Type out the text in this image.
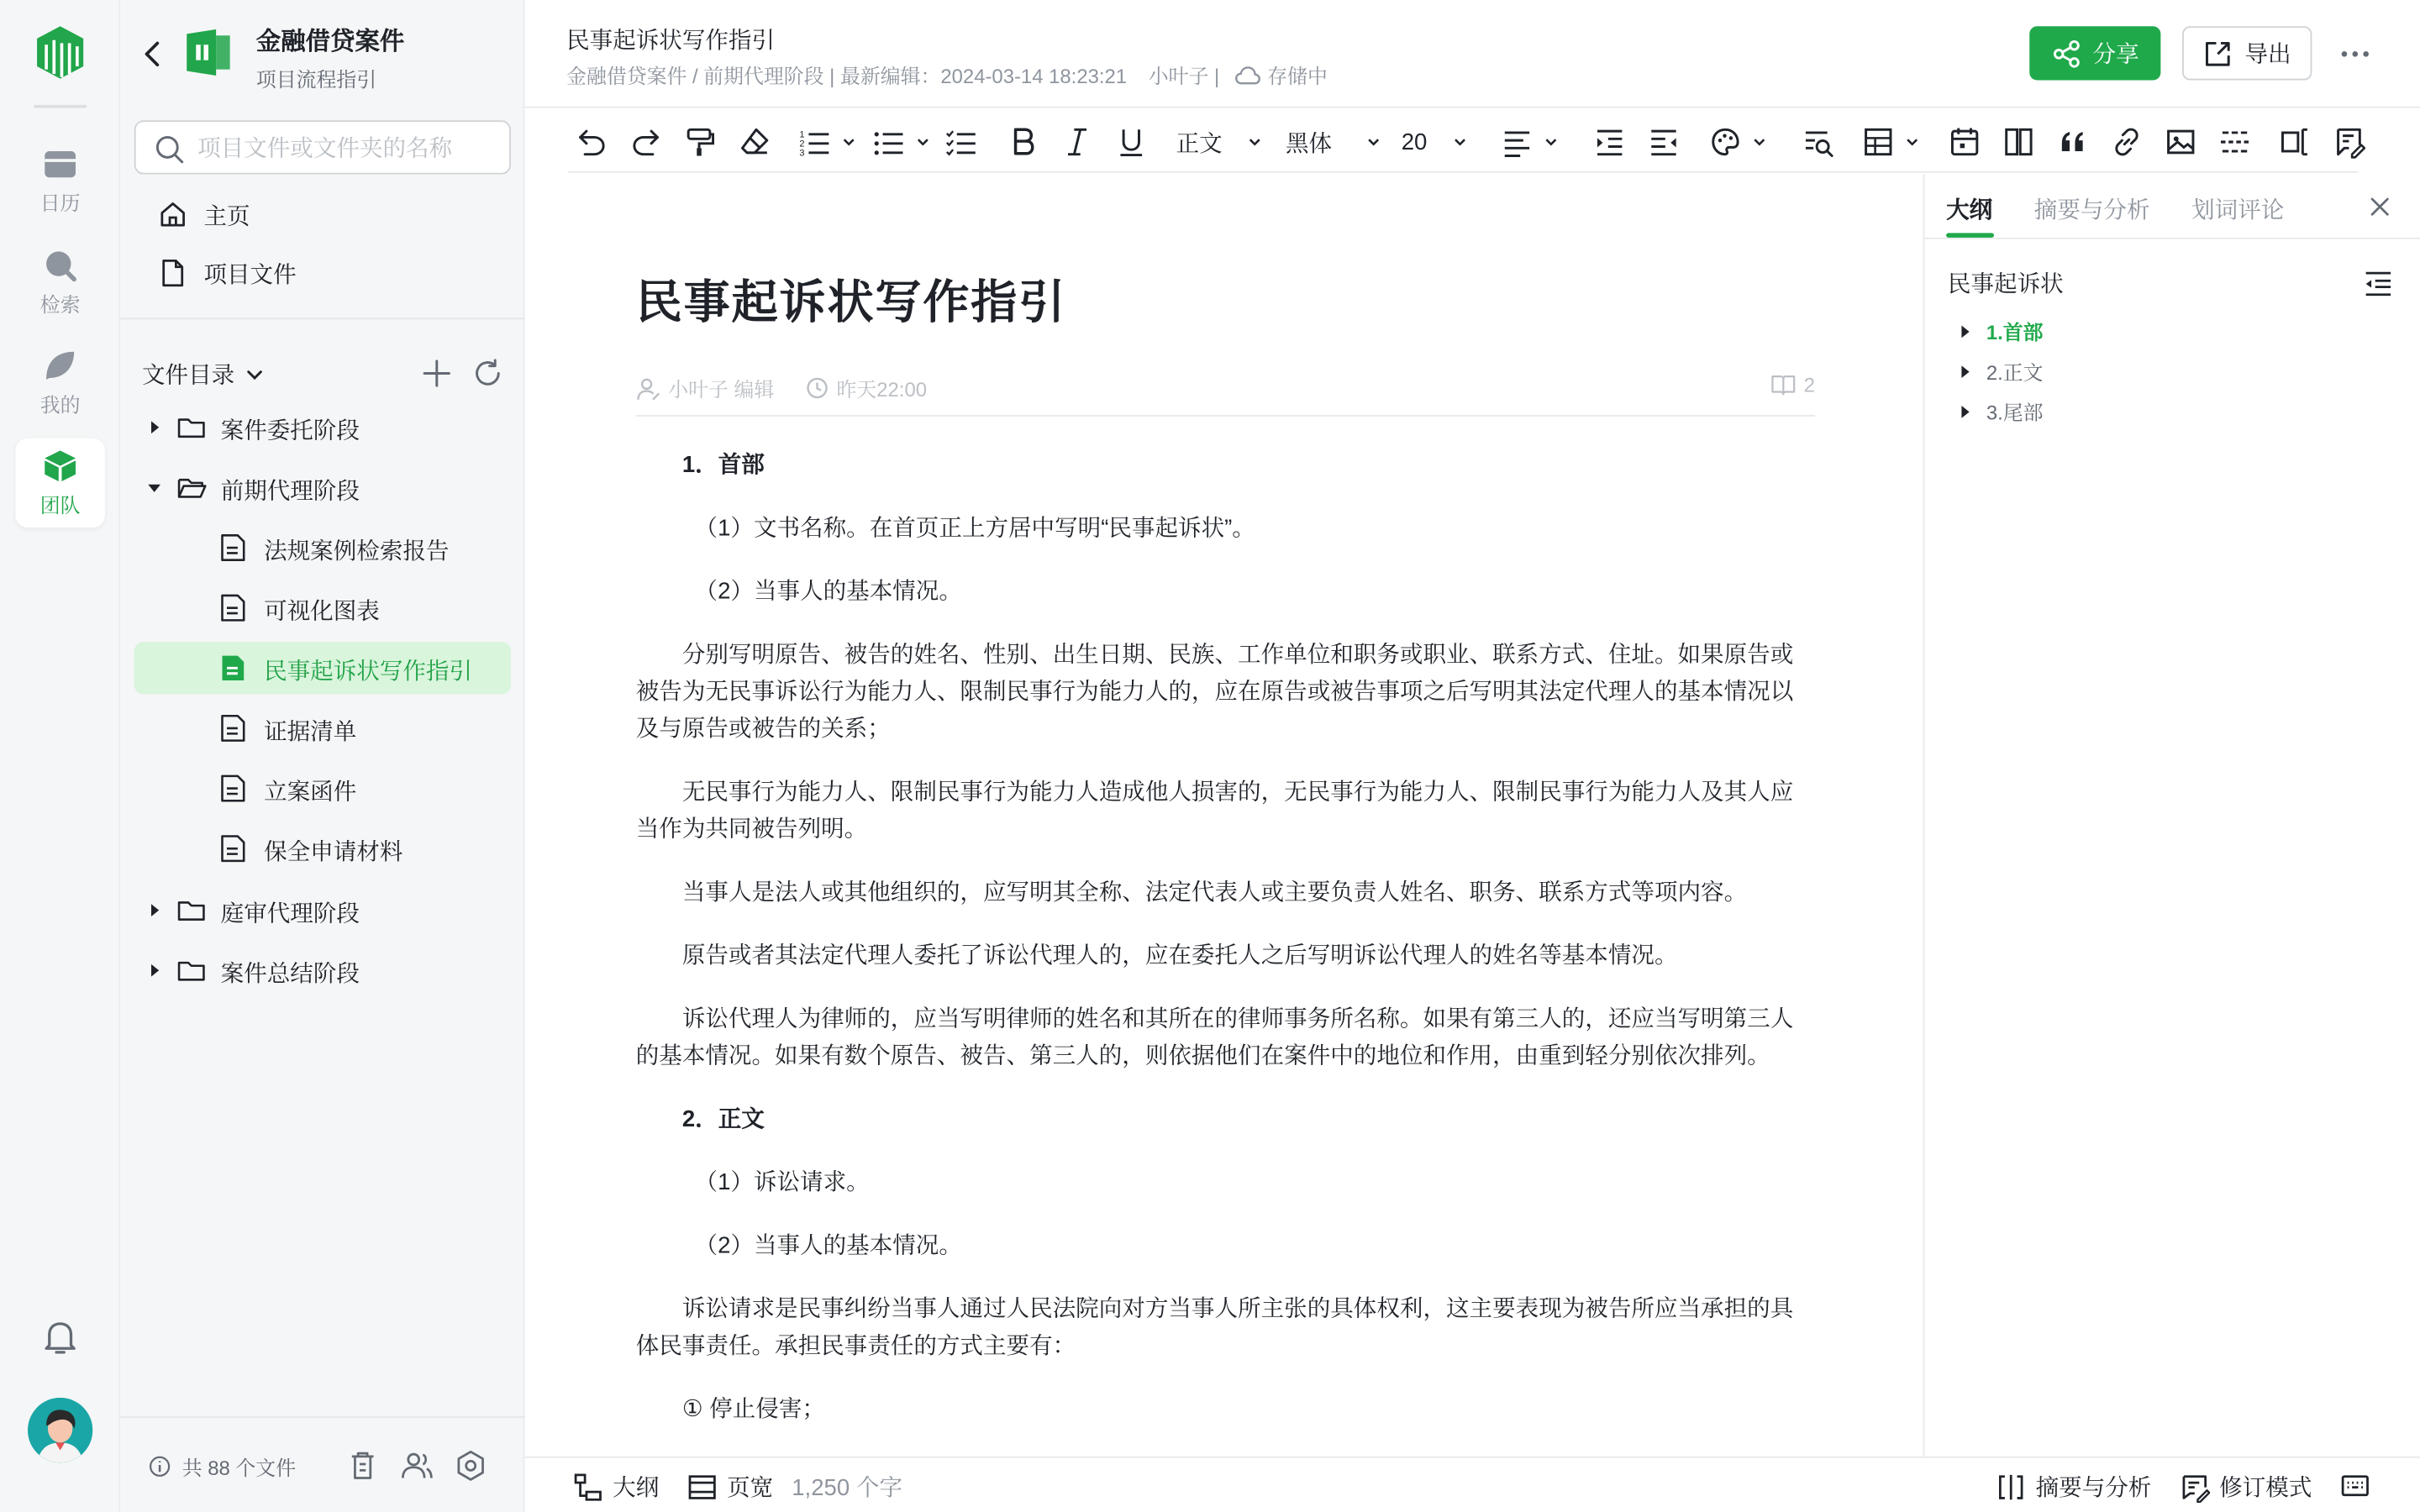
日历
检索
我的
团队
金融借贷案件
项目流程指引
项目文件或文件夹的名称
主页
项目文件
文件目录
案件委托阶段
前期代理阶段
法规案例检索报告
可视化图表
民事起诉状写作指引
证据清单
立案函件
保全申请材料
庭审代理阶段
案件总结阶段
共 88 个文件
民事起诉状写作指引
金融借贷案件 / 前期代理阶段 | 最新编辑：2024-03-14 18:23:21 小叶子 |	存储中
分享	导出
1
2
3	正文	黑体	20
民事起诉状写作指引
小叶子 编辑	昨天22:00	2
1．首部

（1）文书名称。在首页正上方居中写明“民事起诉状”。

（2）当事人的基本情况。

分别写明原告、被告的姓名、性别、出生日期、民族、工作单位和职务或职业、联系方式、住址。如果原告或被告为无民事诉讼行为能力人、限制民事行为能力人的，应在原告或被告事项之后写明其法定代理人的基本情况以及与原告或被告的关系；

无民事行为能力人、限制民事行为能力人造成他人损害的，无民事行为能力人、限制民事行为能力人及其人应当作为共同被告列明。

当事人是法人或其他组织的，应写明其全称、法定代表人或主要负责人姓名、职务、联系方式等项内容。

原告或者其法定代理人委托了诉讼代理人的，应在委托人之后写明诉讼代理人的姓名等基本情况。

诉讼代理人为律师的，应当写明律师的姓名和其所在的律师事务所名称。如果有第三人的，还应当写明第三人的基本情况。如果有数个原告、被告、第三人的，则依据他们在案件中的地位和作用，由重到轻分别依次排列。

2．正文

（1）诉讼请求。

（2）当事人的基本情况。

诉讼请求是民事纠纷当事人通过人民法院向对方当事人所主张的具体权利，这主要表现为被告所应当承担的具体民事责任。承担民事责任的方式主要有：

① 停止侵害；

大纲	摘要与分析	划词评论
民事起诉状
1.首部
2.正文
3.尾部
大纲	页宽 1,250 个字	摘要与分析	修订模式
